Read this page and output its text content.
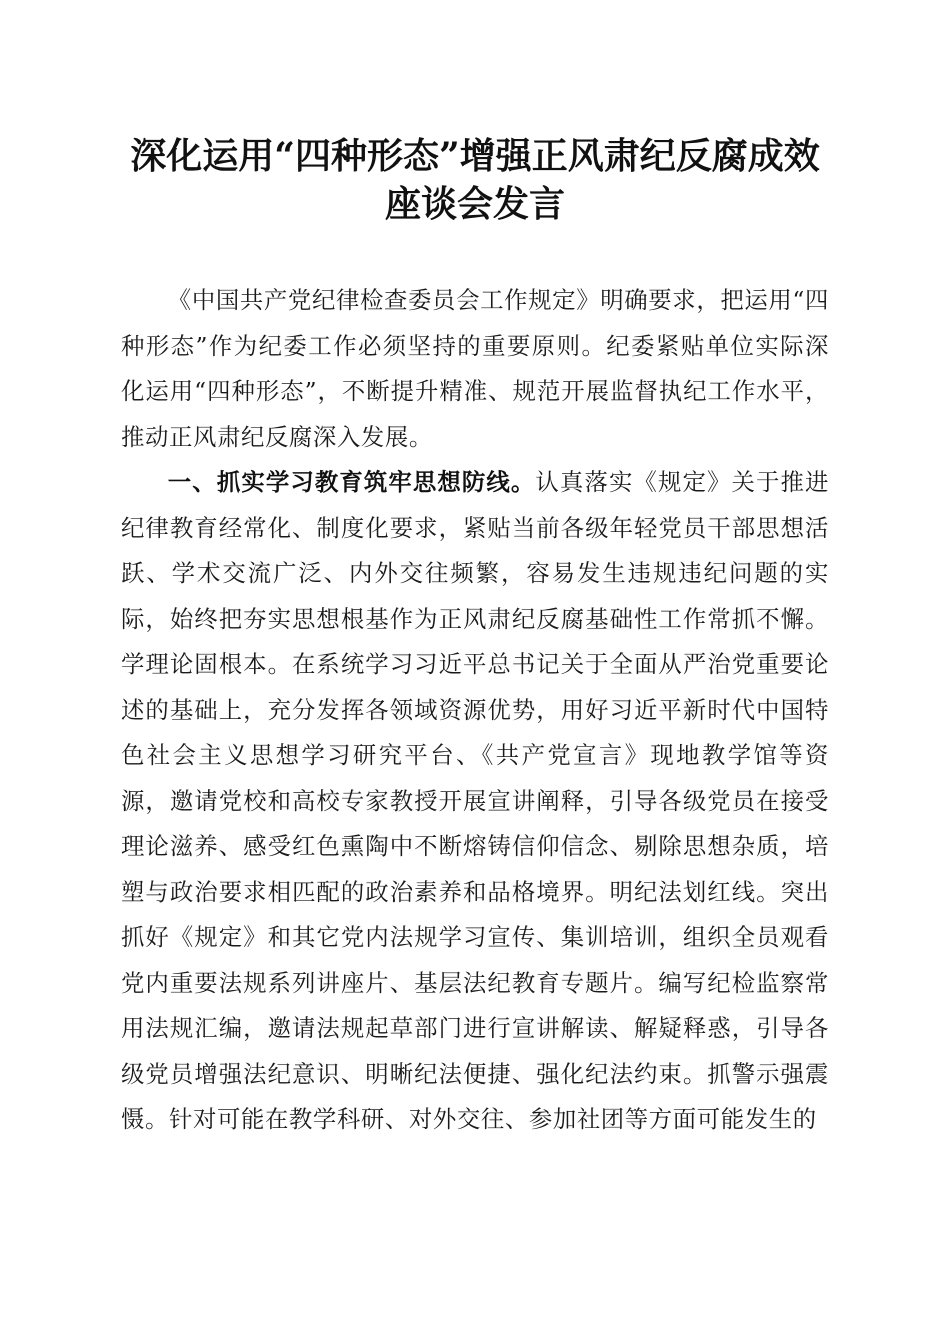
深化运用“四种形态”增强正风肃纪反腐成效
座谈会发言

《中国共产党纪律检查委员会工作规定》明确要求，把运用“四种形态”作为纪委工作必须坚持的重要原则。纪委紧贴单位实际深化运用“四种形态”，不断提升精准、规范开展监督执纪工作水平，推动正风肃纪反腐深入发展。

一、抓实学习教育筑牢思想防线。认真落实《规定》关于推进纪律教育经常化、制度化要求，紧贴当前各级年轻党员干部思想活跃、学术交流广泛、内外交往频繁，容易发生违规违纪问题的实际，始终把夯实思想根基作为正风肃纪反腐基础性工作常抓不懈。学理论固根本。在系统学习习近平总书记关于全面从严治党重要论述的基础上，充分发挥各领域资源优势，用好习近平新时代中国特色社会主义思想学习研究平台、《共产党宣言》现地教学馆等资源，邀请党校和高校专家教授开展宣讲阐释，引导各级党员在接受理论滋养、感受红色熏陶中不断熔铸信仰信念、剔除思想杂质，培塑与政治要求相匹配的政治素养和品格境界。明纪法划红线。突出抓好《规定》和其它党内法规学习宣传、集训培训，组织全员观看党内重要法规系列讲座片、基层法纪教育专题片。编写纪检监察常用法规汇编，邀请法规起草部门进行宣讲解读、解疑释惑，引导各级党员增强法纪意识、明晰纪法便捷、强化纪法约束。抓警示强震慑。针对可能在教学科研、对外交往、参加社团等方面可能发生的
